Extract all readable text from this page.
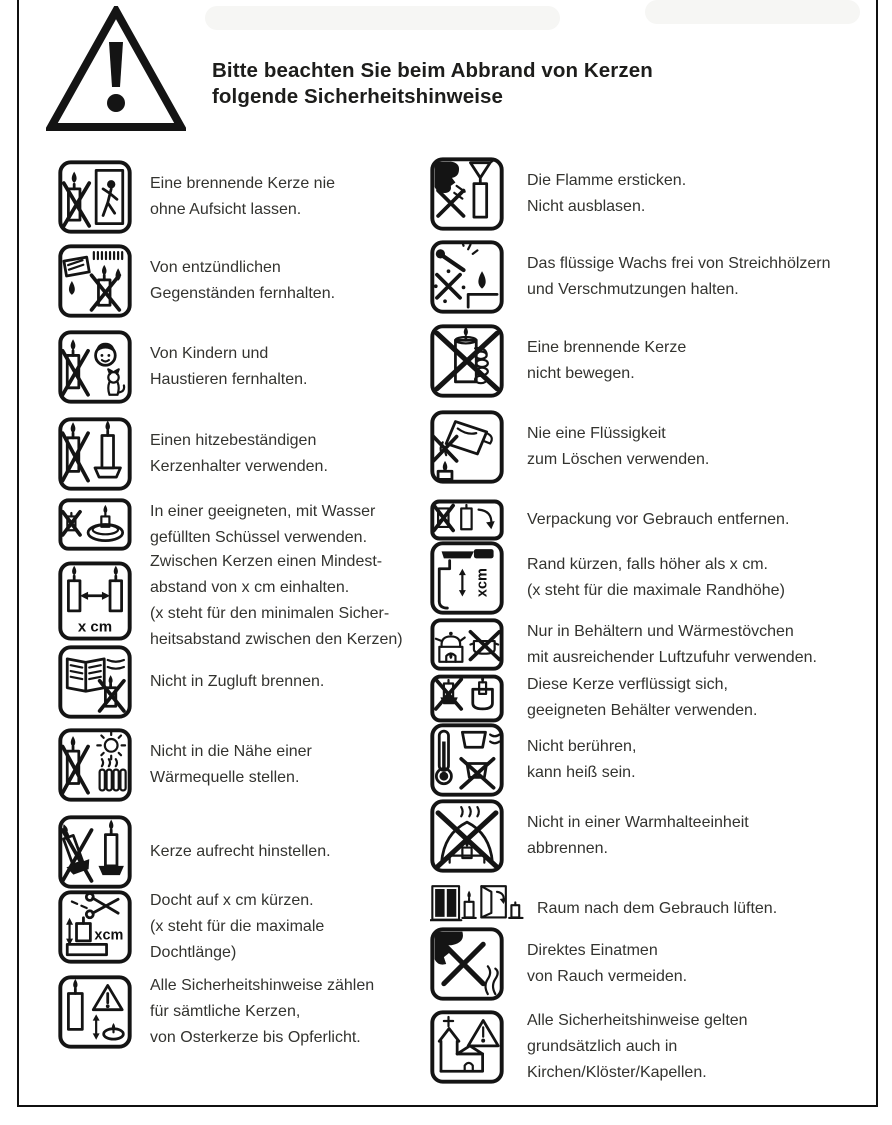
Bitte beachten Sie beim Abbrand von Kerzen
folgende Sicherheitshinweise
Eine brennende Kerze nie
ohne Aufsicht lassen.
Von entzündlichen
Gegenständen fernhalten.
Von Kindern und
Haustieren fernhalten.
Einen hitzebeständigen
Kerzenhalter verwenden.
In einer geeigneten, mit Wasser
gefüllten Schüssel verwenden.
x cm
Zwischen Kerzen einen Mindest-
abstand von x cm einhalten.
(x steht für den minimalen Sicher-
heitsabstand zwischen den Kerzen)
Nicht in Zugluft brennen.
Nicht in die Nähe einer
Wärmequelle stellen.
Kerze aufrecht hinstellen.
xcm
Docht auf x cm kürzen.
(x steht für die maximale
Dochtlänge)
Alle Sicherheitshinweise zählen
für sämtliche Kerzen,
von Osterkerze bis Opferlicht.
Die Flamme ersticken.
Nicht ausblasen.
Das flüssige Wachs frei von Streichhölzern
und Verschmutzungen halten.
Eine brennende Kerze
nicht bewegen.
Nie eine Flüssigkeit
zum Löschen verwenden.
Verpackung vor Gebrauch entfernen.
xcm
Rand kürzen, falls höher als x cm.
(x steht für die maximale Randhöhe)
Nur in Behältern und Wärmestövchen
mit ausreichender Luftzufuhr verwenden.
Diese Kerze verflüssigt sich,
geeigneten Behälter verwenden.
Nicht berühren,
kann heiß sein.
Nicht in einer Warmhalteeinheit
abbrennen.
Raum nach dem Gebrauch lüften.
Direktes Einatmen
von Rauch vermeiden.
Alle Sicherheitshinweise gelten
grundsätzlich auch in
Kirchen/Klöster/Kapellen.
